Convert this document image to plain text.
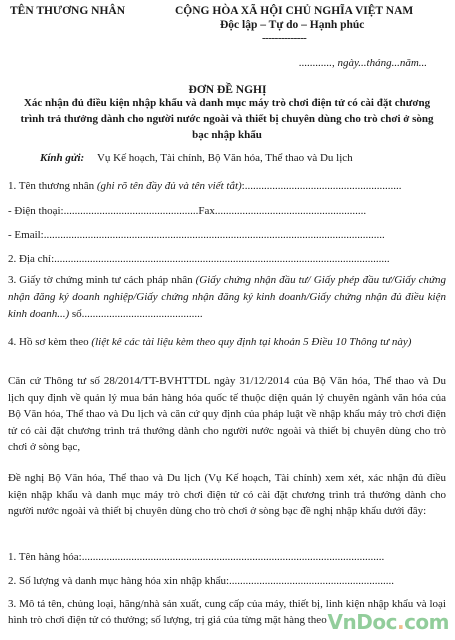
TÊN THƯƠNG NHÂN	CỘNG HÒA XÃ HỘI CHỦ NGHĨA VIỆT NAM
Độc lập – Tự do – Hạnh phúc
--------------
............, ngày...tháng...năm...
ĐƠN ĐỀ NGHỊ
Xác nhận đủ điều kiện nhập khẩu và danh mục máy trò chơi điện tử có cài đặt chương trình trả thưởng dành cho người nước ngoài và thiết bị chuyên dùng cho trò chơi ở sòng bạc nhập khẩu
Kính gửi: Vụ Kế hoạch, Tài chính, Bộ Văn hóa, Thể thao và Du lịch
1. Tên thương nhân (ghi rõ tên đầy đủ và tên viết tắt):.........................................................
- Điện thoại:.................................................Fax.......................................................
- Email:............................................................................................................................
2. Địa chỉ:..........................................................................................................................
3. Giấy tờ chứng minh tư cách pháp nhân (Giấy chứng nhận đầu tư/ Giấy phép đầu tư/Giấy chứng nhận đăng ký doanh nghiệp/Giấy chứng nhận đăng ký kinh doanh/Giấy chứng nhận đủ điều kiện kinh doanh...) số............................................
4. Hồ sơ kèm theo (liệt kê các tài liệu kèm theo quy định tại khoản 5 Điều 10 Thông tư này)
Căn cứ Thông tư số 28/2014/TT-BVHTTDL ngày 31/12/2014 của Bộ Văn hóa, Thể thao và Du lịch quy định về quản lý mua bán hàng hóa quốc tế thuộc diện quản lý chuyên ngành văn hóa của Bộ Văn hóa, Thể thao và Du lịch và căn cứ quy định của pháp luật về nhập khẩu máy trò chơi điện tử có cài đặt chương trình trả thưởng dành cho người nước ngoài và thiết bị chuyên dùng cho trò chơi ở sòng bạc,
Đề nghị Bộ Văn hóa, Thể thao và Du lịch (Vụ Kế hoạch, Tài chính) xem xét, xác nhận đủ điều kiện nhập khẩu và danh mục máy trò chơi điện tử có cài đặt chương trình trả thưởng dành cho người nước ngoài và thiết bị chuyên dùng cho trò chơi ở sòng bạc đề nghị nhập khẩu dưới đây:
1. Tên hàng hóa:..............................................................................................................
2. Số lượng và danh mục hàng hóa xin nhập khẩu:............................................................
3. Mô tả tên, chủng loại, hãng/nhà sản xuất, cung cấp của máy, thiết bị, linh kiện nhập khẩu và loại hình trò chơi điện tử có thưởng; số lượng, trị giá của từng mặt hàng theo VnDoc.com
